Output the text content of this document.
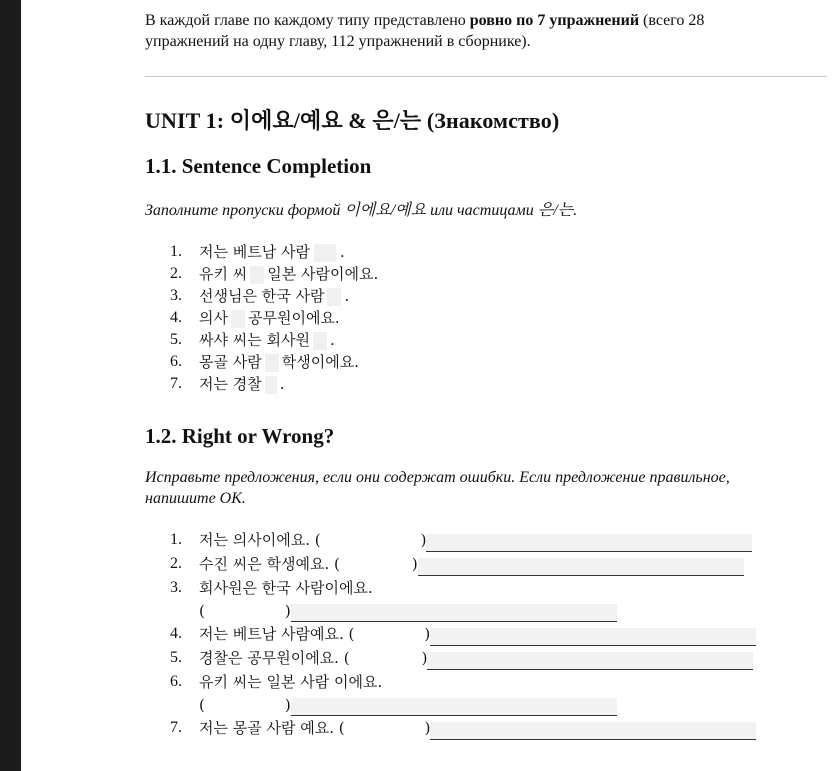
В каждой главе по каждому типу представлено ровно по 7 упражнений (всего 28
упражнений на одну главу, 112 упражнений в сборнике).
UNIT 1: 이에요/예요 & 은/는 (Знакомство)
1.1. Sentence Completion
Заполните пропуски формой 이에요/예요 или частицами 은/는.
1. 저는 베트남 사람 .
2. 유키 씨 일본 사람이에요.
3. 선생님은 한국 사람 .
4. 의사 공무원이에요.
5. 싸샤 씨는 회사원 .
6. 몽골 사람 학생이에요.
7. 저는 경찰 .
1.2. Right or Wrong?
Исправьте предложения, если они содержат ошибки. Если предложение правильное,
напишите OK.
1. 저는 의사이에요. (	)
2. 수진 씨은 학생예요. (	)
3. 회사원은 한국 사람이에요.
(	)
4. 저는 베트남 사람예요. (	)
5. 경찰은 공무원이에요. (	)
6. 유키 씨는 일본 사람 이에요.
(	)
7. 저는 몽골 사람 예요. (	)
